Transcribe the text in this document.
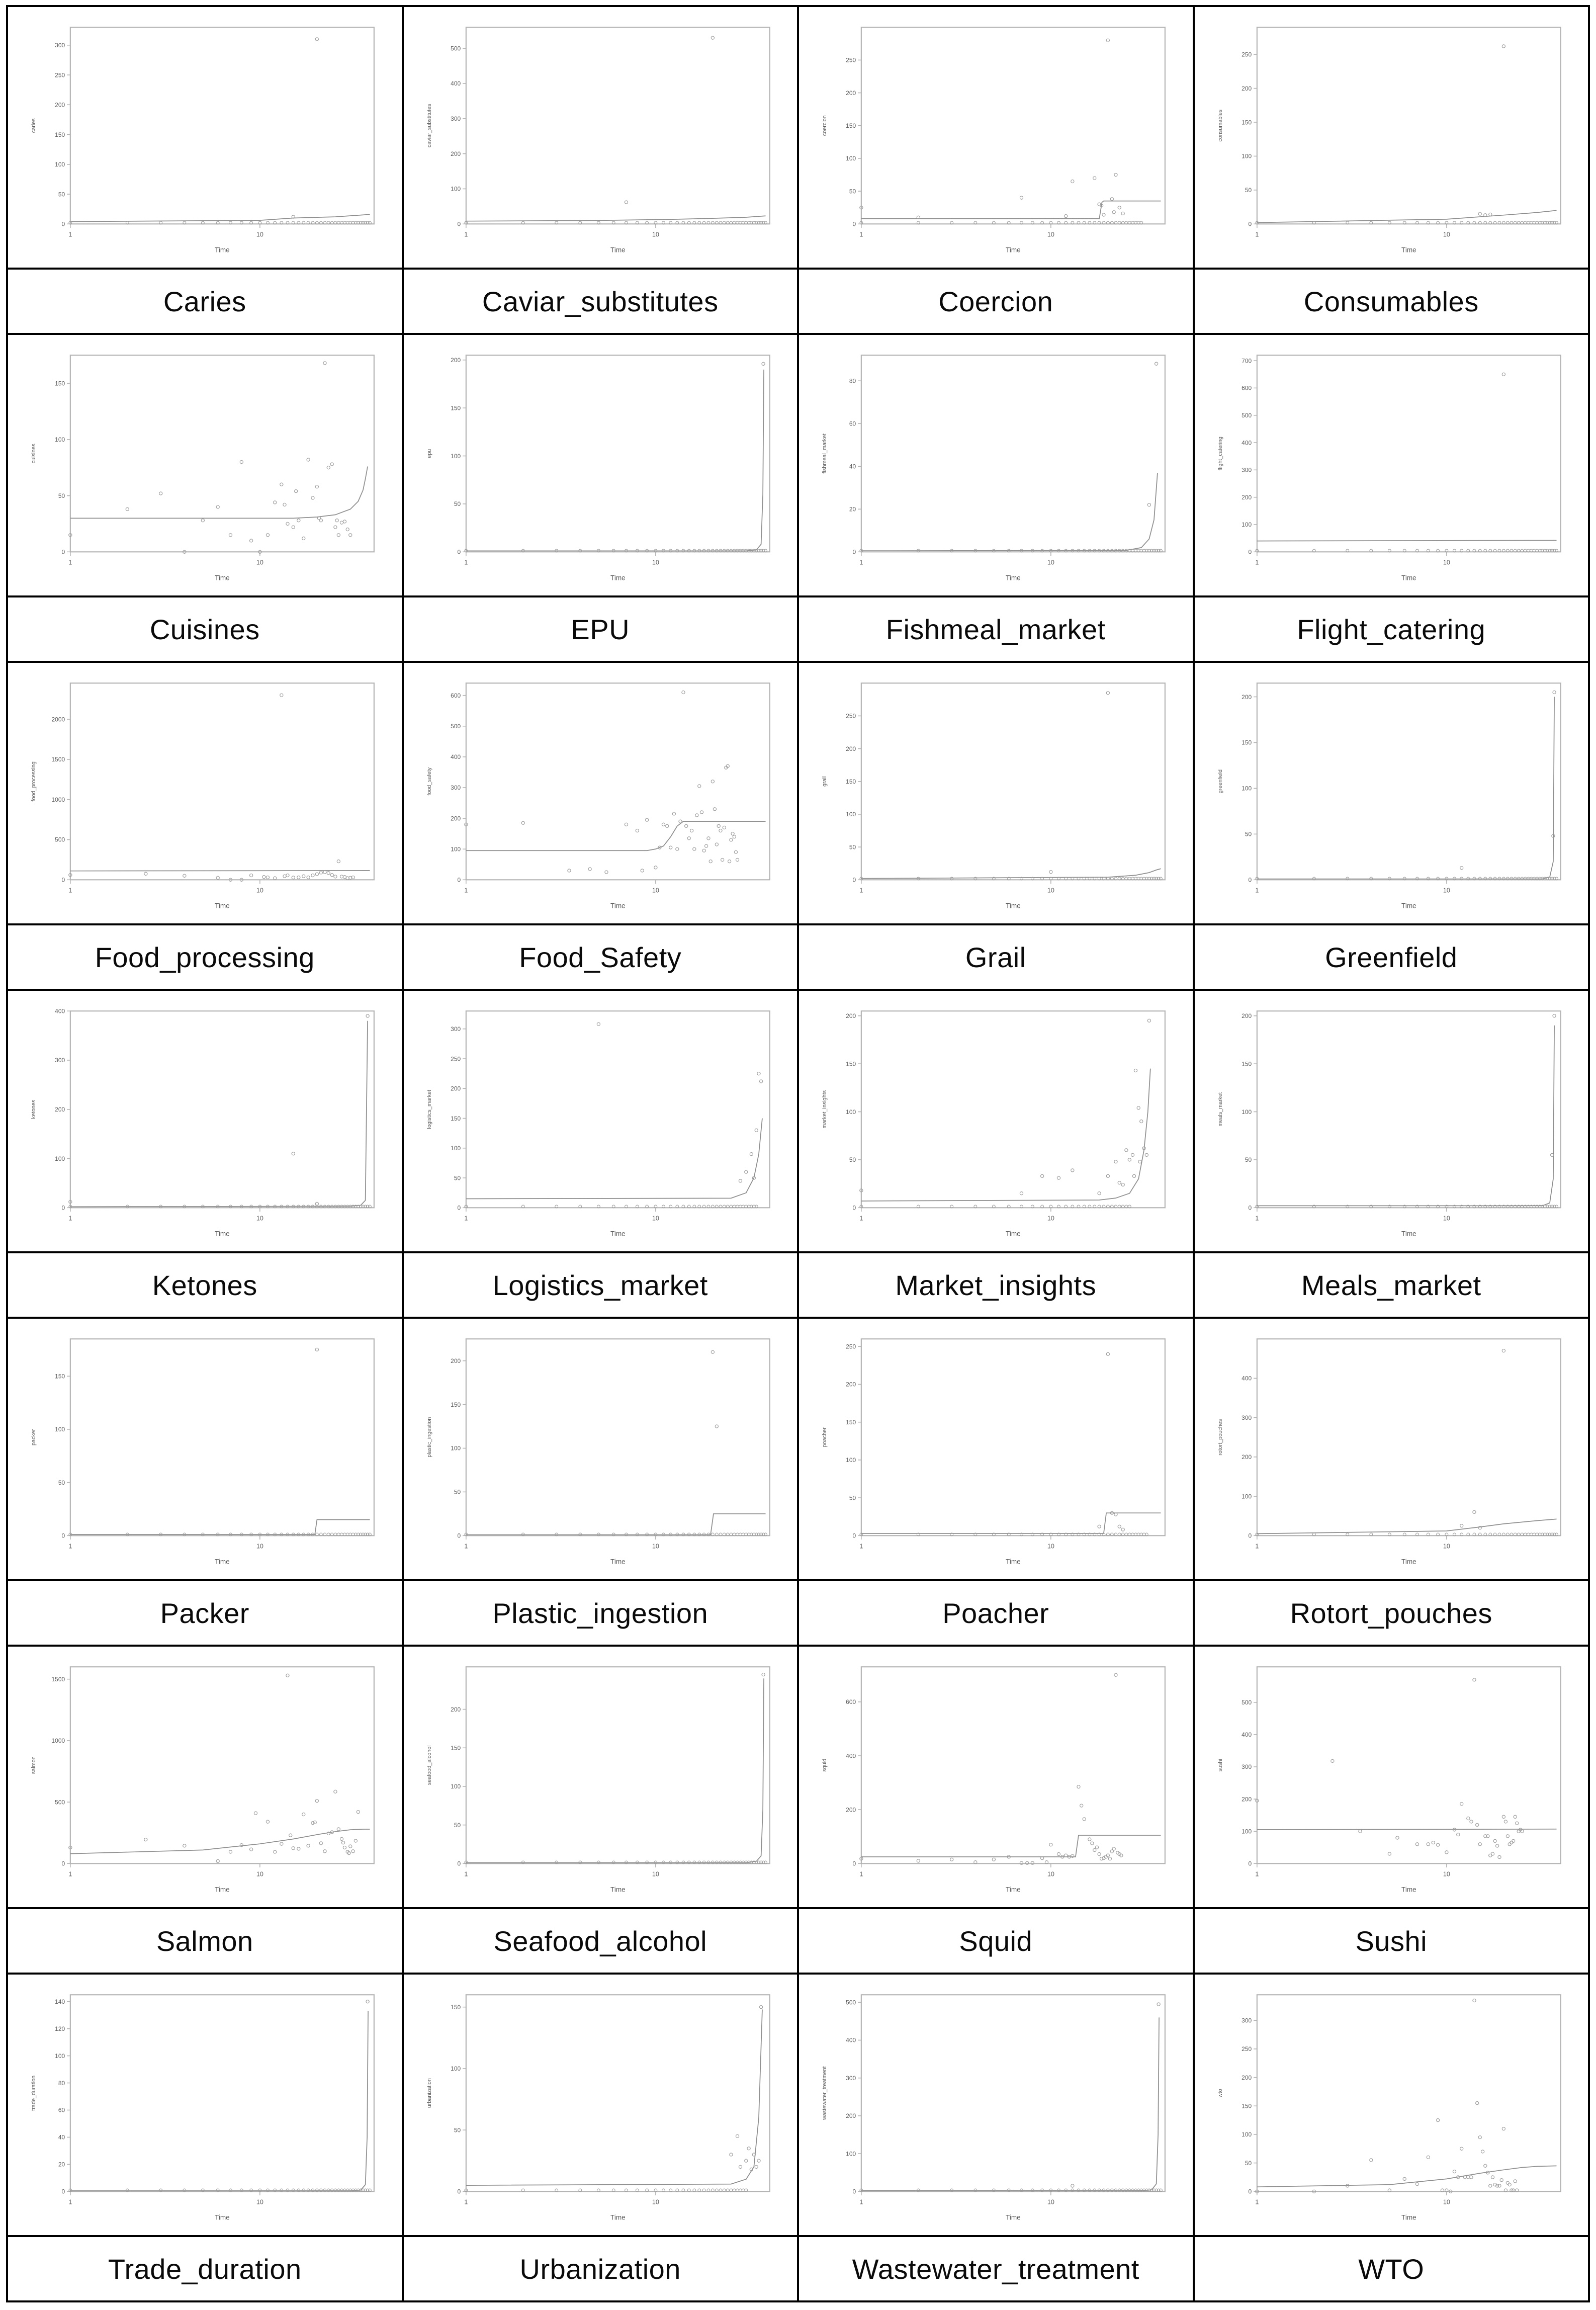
0
50
100
150
200
250
300
1	10
Time
caries
0
100
200
300
400
500
1	10
Time
caviar_substitutes
0
50
100
150
200
250
1	10
Time
coercion
0
50
100
150
200
250
1	10
Time
consumables
Caries	Caviar_substitutes	Coercion	Consumables
0
50
100
150
1	10
Time
cuisines
0
50
100
150
200
1	10
Time
epu
0
20
40
60
80
1	10
Time
fishmeal_market
0
100
200
300
400
500
600
700
1	10
Time
flight_catering
Cuisines	EPU	Fishmeal_market	Flight_catering
0
500
1000
1500
2000
1	10
Time
food_processing
0
100
200
300
400
500
600
1	10
Time
food_safety
0
50
100
150
200
250
1	10
Time
grail
0
50
100
150
200
1	10
Time
greenfield
Food_processing	Food_Safety	Grail	Greenfield
0
100
200
300
400
1	10
Time
ketones
0
50
100
150
200
250
300
1	10
Time
logistics_market
0
50
100
150
200
1	10
Time
market_insights
0
50
100
150
200
1	10
Time
meals_market
Ketones	Logistics_market	Market_insights	Meals_market
0
50
100
150
1	10
Time
packer
0
50
100
150
200
1	10
Time
plastic_ingestion
0
50
100
150
200
250
1	10
Time
poacher
0
100
200
300
400
1	10
Time
rotort_pouches
Packer	Plastic_ingestion	Poacher	Rotort_pouches
0
500
1000
1500
1	10
Time
salmon
0
50
100
150
200
1	10
Time
seafood_alcohol
0
200
400
600
1	10
Time
squid
0
100
200
300
400
500
1	10
Time
sushi
Salmon	Seafood_alcohol	Squid	Sushi
0
20
40
60
80
100
120
140
1	10
Time
trade_duration
0
50
100
150
1	10
Time
urbanization
0
100
200
300
400
500
1	10
Time
wastewater_treatment
0
50
100
150
200
250
300
1	10
Time
wto
Trade_duration	Urbanization	Wastewater_treatment	WTO
